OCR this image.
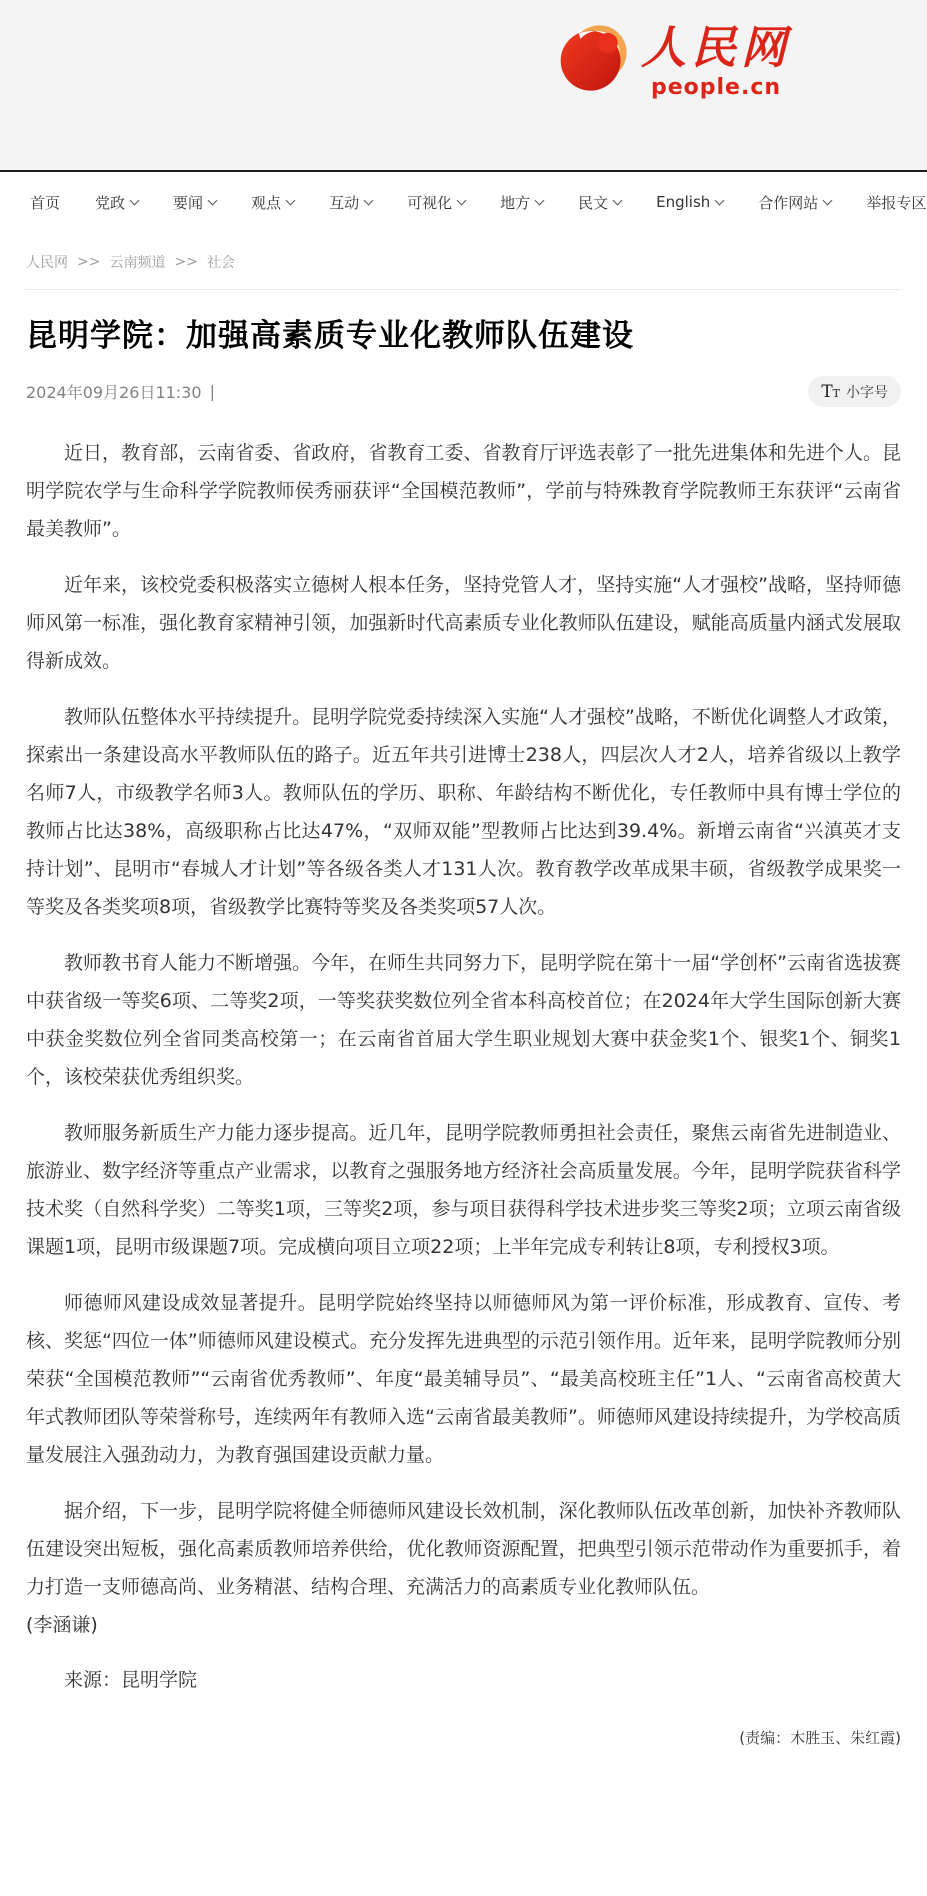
人民网
people.cn
首页 党政	要闻	观点	互动	可视化	地方	民文	English	合作网站	举报专区
人民网 >> 云南频道 >> 社会
昆明学院：加强高素质专业化教师队伍建设
2024年09月26日11:30 |	T T 小字号

近日，教育部，云南省委、省政府，省教育工委、省教育厅评选表彰了一批先进集体和先进个人。昆明学院农学与生命科学学院教师侯秀丽获评“全国模范教师”，学前与特殊教育学院教师王东获评“云南省最美教师”。

近年来，该校党委积极落实立德树人根本任务，坚持党管人才，坚持实施“人才强校”战略，坚持师德师风第一标准，强化教育家精神引领，加强新时代高素质专业化教师队伍建设，赋能高质量内涵式发展取得新成效。

教师队伍整体水平持续提升。昆明学院党委持续深入实施“人才强校”战略，不断优化调整人才政策，探索出一条建设高水平教师队伍的路子。近五年共引进博士238人，四层次人才2人，培养省级以上教学名师7人，市级教学名师3人。教师队伍的学历、职称、年龄结构不断优化，专任教师中具有博士学位的教师占比达38%，高级职称占比达47%，“双师双能”型教师占比达到39.4%。新增云南省“兴滇英才支持计划”、昆明市“春城人才计划”等各级各类人才131人次。教育教学改革成果丰硕，省级教学成果奖一等奖及各类奖项8项，省级教学比赛特等奖及各类奖项57人次。

教师教书育人能力不断增强。今年，在师生共同努力下，昆明学院在第十一届“学创杯”云南省选拔赛中获省级一等奖6项、二等奖2项，一等奖获奖数位列全省本科高校首位；在2024年大学生国际创新大赛中获金奖数位列全省同类高校第一；在云南省首届大学生职业规划大赛中获金奖1个、银奖1个、铜奖1个，该校荣获优秀组织奖。

教师服务新质生产力能力逐步提高。近几年，昆明学院教师勇担社会责任，聚焦云南省先进制造业、旅游业、数字经济等重点产业需求，以教育之强服务地方经济社会高质量发展。今年，昆明学院获省科学技术奖（自然科学奖）二等奖1项，三等奖2项，参与项目获得科学技术进步奖三等奖2项；立项云南省级课题1项，昆明市级课题7项。完成横向项目立项22项；上半年完成专利转让8项，专利授权3项。

师德师风建设成效显著提升。昆明学院始终坚持以师德师风为第一评价标准，形成教育、宣传、考核、奖惩“四位一体”师德师风建设模式。充分发挥先进典型的示范引领作用。近年来，昆明学院教师分别荣获“全国模范教师”“云南省优秀教师”、年度“最美辅导员”、“最美高校班主任”1人、“云南省高校黄大年式教师团队等荣誉称号，连续两年有教师入选“云南省最美教师”。师德师风建设持续提升，为学校高质量发展注入强劲动力，为教育强国建设贡献力量。

据介绍，下一步，昆明学院将健全师德师风建设长效机制，深化教师队伍改革创新，加快补齐教师队伍建设突出短板，强化高素质教师培养供给，优化教师资源配置，把典型引领示范带动作为重要抓手，着力打造一支师德高尚、业务精湛、结构合理、充满活力的高素质专业化教师队伍。

(李涵谦)

来源：昆明学院
(责编：木胜玉、朱红霞)
